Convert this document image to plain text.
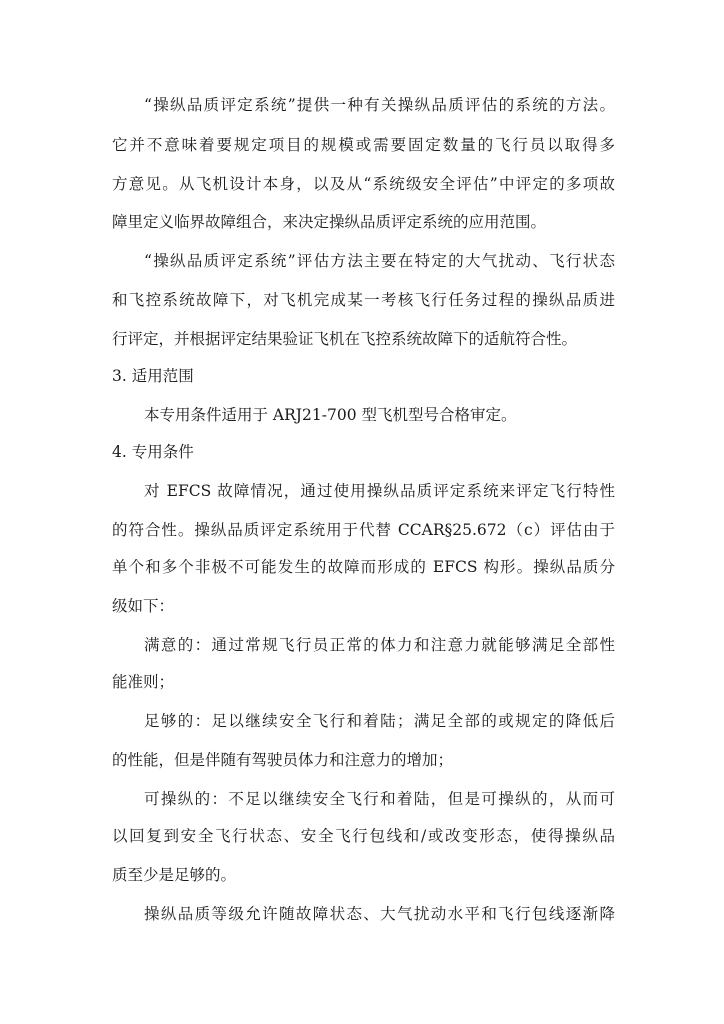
“操纵品质评定系统”提供一种有关操纵品质评估的系统的方法。
它并不意味着要规定项目的规模或需要固定数量的飞行员以取得多
方意见。从飞机设计本身，以及从“系统级安全评估”中评定的多项故
障里定义临界故障组合，来决定操纵品质评定系统的应用范围。
“操纵品质评定系统”评估方法主要在特定的大气扰动、飞行状态
和飞控系统故障下，对飞机完成某一考核飞行任务过程的操纵品质进
行评定，并根据评定结果验证飞机在飞控系统故障下的适航符合性。
3. 适用范围
本专用条件适用于 ARJ21-700 型飞机型号合格审定。
4. 专用条件
对 EFCS 故障情况，通过使用操纵品质评定系统来评定飞行特性
的符合性。操纵品质评定系统用于代替 CCAR§25.672（c）评估由于
单个和多个非极不可能发生的故障而形成的 EFCS 构形。操纵品质分
级如下：
满意的：通过常规飞行员正常的体力和注意力就能够满足全部性
能准则；
足够的：足以继续安全飞行和着陆；满足全部的或规定的降低后
的性能，但是伴随有驾驶员体力和注意力的增加；
可操纵的：不足以继续安全飞行和着陆，但是可操纵的，从而可
以回复到安全飞行状态、安全飞行包线和/或改变形态，使得操纵品
质至少是足够的。
操纵品质等级允许随故障状态、大气扰动水平和飞行包线逐渐降
